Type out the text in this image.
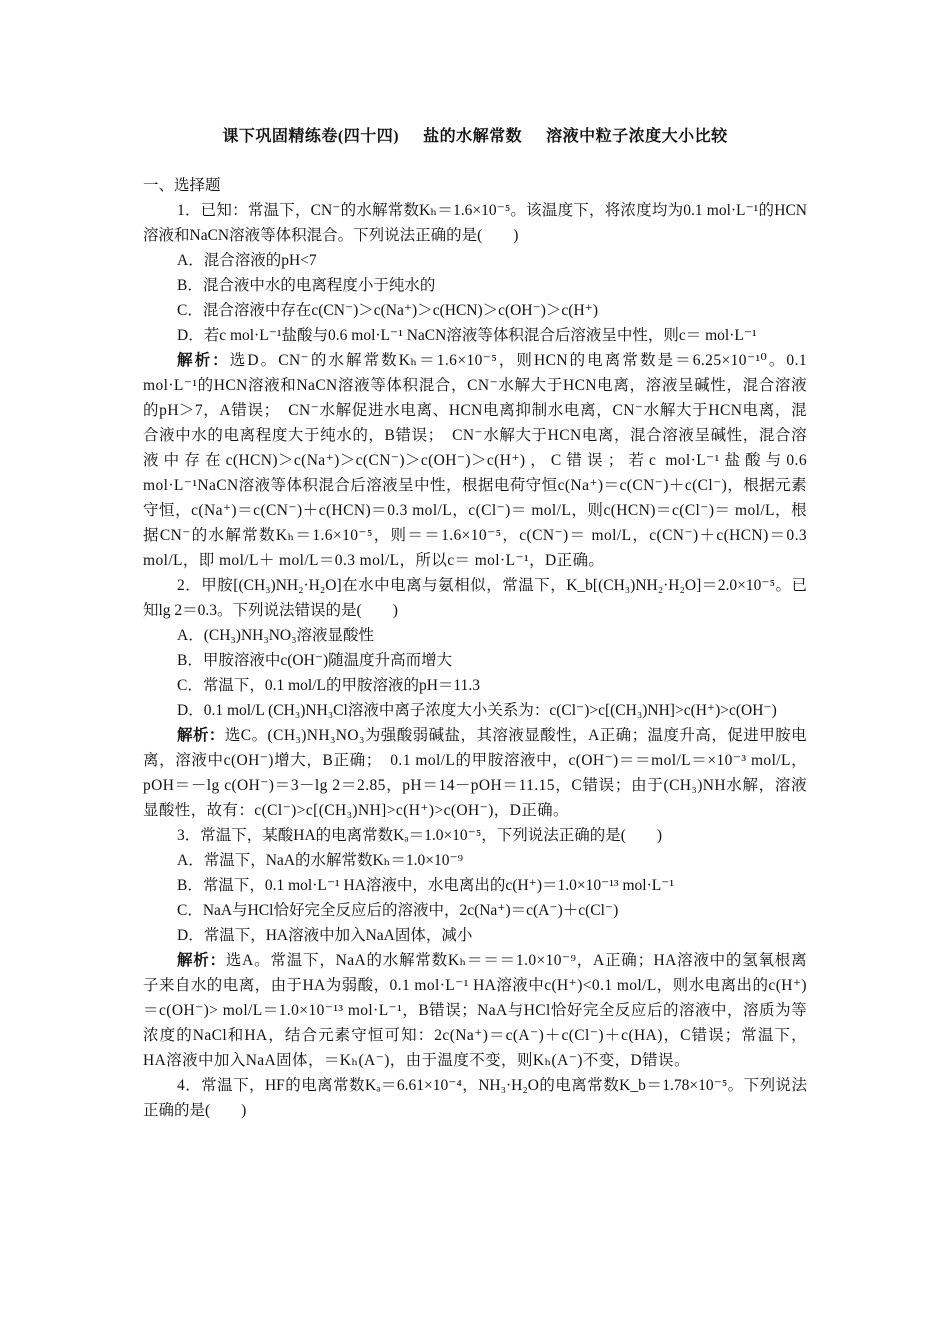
课下巩固精练卷(四十四) 盐的水解常数 溶液中粒子浓度大小比较

一、选择题

1．已知：常温下，CN⁻的水解常数Kₕ＝1.6×10⁻⁵。该温度下，将浓度均为0.1 mol·L⁻¹的HCN溶液和NaCN溶液等体积混合。下列说法正确的是(　　)

A．混合溶液的pH<7

B．混合液中水的电离程度小于纯水的

C．混合溶液中存在c(CN⁻)＞c(Na⁺)＞c(HCN)＞c(OH⁻)＞c(H⁺)

D．若c mol·L⁻¹盐酸与0.6 mol·L⁻¹ NaCN溶液等体积混合后溶液呈中性，则c＝ mol·L⁻¹

解析：选D。CN⁻的水解常数Kₕ＝1.6×10⁻⁵，则HCN的电离常数是＝6.25×10⁻¹⁰。0.1 mol·L⁻¹的HCN溶液和NaCN溶液等体积混合，CN⁻水解大于HCN电离，溶液呈碱性，混合溶液的pH＞7，A错误；　CN⁻水解促进水电离、HCN电离抑制水电离，CN⁻水解大于HCN电离，混合液中水的电离程度大于纯水的，B错误；　CN⁻水解大于HCN电离，混合溶液呈碱性，混合溶液中存在c(HCN)＞c(Na⁺)＞c(CN⁻)＞c(OH⁻)＞c(H⁺)，C错误；若c mol·L⁻¹盐酸与0.6 mol·L⁻¹NaCN溶液等体积混合后溶液呈中性，根据电荷守恒c(Na⁺)＝c(CN⁻)＋c(Cl⁻)，根据元素守恒，c(Na⁺)＝c(CN⁻)＋c(HCN)＝0.3 mol/L，c(Cl⁻)＝ mol/L，则c(HCN)＝c(Cl⁻)＝ mol/L，根据CN⁻的水解常数Kₕ＝1.6×10⁻⁵，则＝＝1.6×10⁻⁵，c(CN⁻)＝ mol/L，c(CN⁻)＋c(HCN)＝0.3 mol/L，即 mol/L＋ mol/L＝0.3 mol/L，所以c＝ mol·L⁻¹，D正确。

2．甲胺[(CH₃)NH₂·H₂O]在水中电离与氨相似，常温下，K_b[(CH₃)NH₂·H₂O]＝2.0×10⁻⁵。已知lg 2＝0.3。下列说法错误的是(　　)

A．(CH₃)NH₃NO₃溶液显酸性

B．甲胺溶液中c(OH⁻)随温度升高而增大

C．常温下，0.1 mol/L的甲胺溶液的pH＝11.3

D．0.1 mol/L (CH₃)NH₃Cl溶液中离子浓度大小关系为：c(Cl⁻)>c[(CH₃)NH]>c(H⁺)>c(OH⁻)

解析：选C。(CH₃)NH₃NO₃为强酸弱碱盐，其溶液显酸性，A正确；温度升高，促进甲胺电离，溶液中c(OH⁻)增大，B正确；　0.1 mol/L的甲胺溶液中，c(OH⁻)＝＝mol/L＝×10⁻³ mol/L，pOH＝－lg c(OH⁻)＝3－lg 2＝2.85，pH＝14－pOH＝11.15，C错误；由于(CH₃)NH水解，溶液显酸性，故有：c(Cl⁻)>c[(CH₃)NH]>c(H⁺)>c(OH⁻)，D正确。

3．常温下，某酸HA的电离常数Kₐ＝1.0×10⁻⁵，下列说法正确的是(　　)

A．常温下，NaA的水解常数Kₕ＝1.0×10⁻⁹

B．常温下，0.1 mol·L⁻¹ HA溶液中，水电离出的c(H⁺)＝1.0×10⁻¹³ mol·L⁻¹

C．NaA与HCl恰好完全反应后的溶液中，2c(Na⁺)＝c(A⁻)＋c(Cl⁻)

D．常温下，HA溶液中加入NaA固体，减小

解析：选A。常温下，NaA的水解常数Kₕ＝＝＝1.0×10⁻⁹，A正确；HA溶液中的氢氧根离子来自水的电离，由于HA为弱酸，0.1 mol·L⁻¹ HA溶液中c(H⁺)<0.1 mol/L，则水电离出的c(H⁺)＝c(OH⁻)> mol/L＝1.0×10⁻¹³ mol·L⁻¹，B错误；NaA与HCl恰好完全反应后的溶液中，溶质为等浓度的NaCl和HA，结合元素守恒可知：2c(Na⁺)＝c(A⁻)＋c(Cl⁻)＋c(HA)，C错误；常温下，HA溶液中加入NaA固体，＝Kₕ(A⁻)，由于温度不变，则Kₕ(A⁻)不变，D错误。

4．常温下，HF的电离常数Kₐ＝6.61×10⁻⁴，NH₃·H₂O的电离常数K_b＝1.78×10⁻⁵。下列说法正确的是(　　)
